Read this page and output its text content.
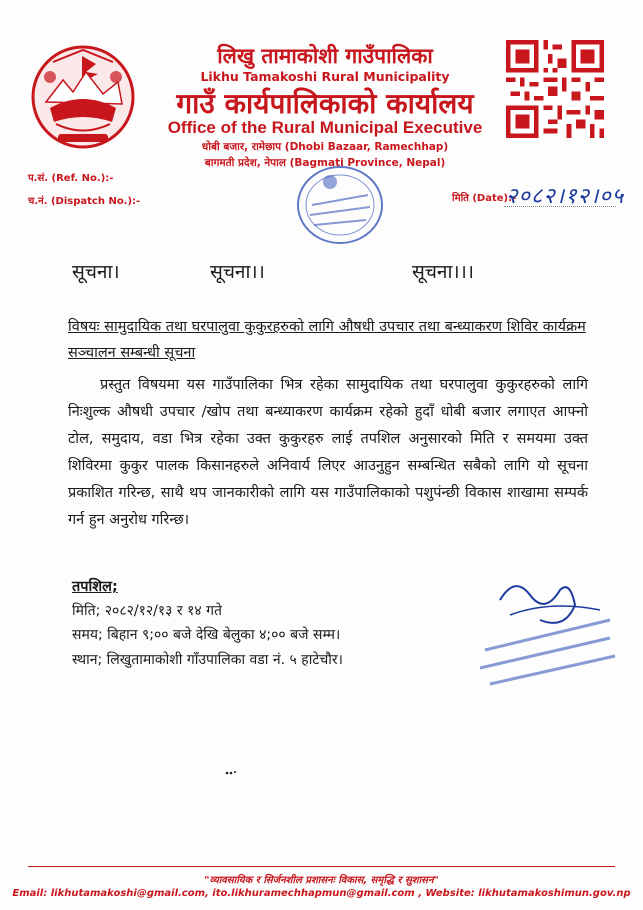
लिखु तामाकोशी गाउँपालिका
Likhu Tamakoshi Rural Municipality
गाउँ कार्यपालिकाको कार्यालय
Office of the Rural Municipal Executive
धोबी बजार, रामेछाप (Dhobi Bazaar, Ramechhap)
बागमती प्रदेश, नेपाल (Bagmati Province, Nepal)
प.सं. (Ref. No.):-
च.नं. (Dispatch No.):-	मिति (Date):-
२०८२।१२।०५
सूचना।	सूचना।।	सूचना।।।
विषयः सामुदायिक तथा घरपालुवा कुकुरहरुको लागि औषधी उपचार तथा बन्ध्याकरण शिविर कार्यक्रम सञ्चालन सम्बन्धी सूचना

प्रस्तुत विषयमा यस गाउँपालिका भित्र रहेका सामुदायिक तथा घरपालुवा कुकुरहरुको लागि निःशुल्क औषधी उपचार /खोप तथा बन्ध्याकरण कार्यक्रम रहेको हुदाँ धोबी बजार लगाएत आफ्नो टोल, समुदाय, वडा भित्र रहेका उक्त कुकुरहरु लाई तपशिल अनुसारको मिति र समयमा उक्त शिविरमा कुकुर पालक किसानहरुले अनिवार्य लिएर आउनुहुन सम्बन्धित सबैको लागि यो सूचना प्रकाशित गरिन्छ, साथै थप जानकारीको लागि यस गाउँपालिकाको पशुपंन्छी विकास शाखामा सम्पर्क गर्न हुन अनुरोध गरिन्छ।

तपशिल;
मिति; २०८२/१२/१३ र १४ गते
समय; बिहान ९;०० बजे देखि बेलुका ४;०० बजे सम्म।
स्थान; लिखुतामाकोशी गाँउपालिका वडा नं. ५ हाटेचौर।
"व्यावसायिक र सिर्जनशील प्रशासनः विकास, समृद्धि र सुशासन"
Email: likhutamakoshi@gmail.com, ito.likhuramechhapmun@gmail.com , Website: likhutamakoshimun.gov.np
